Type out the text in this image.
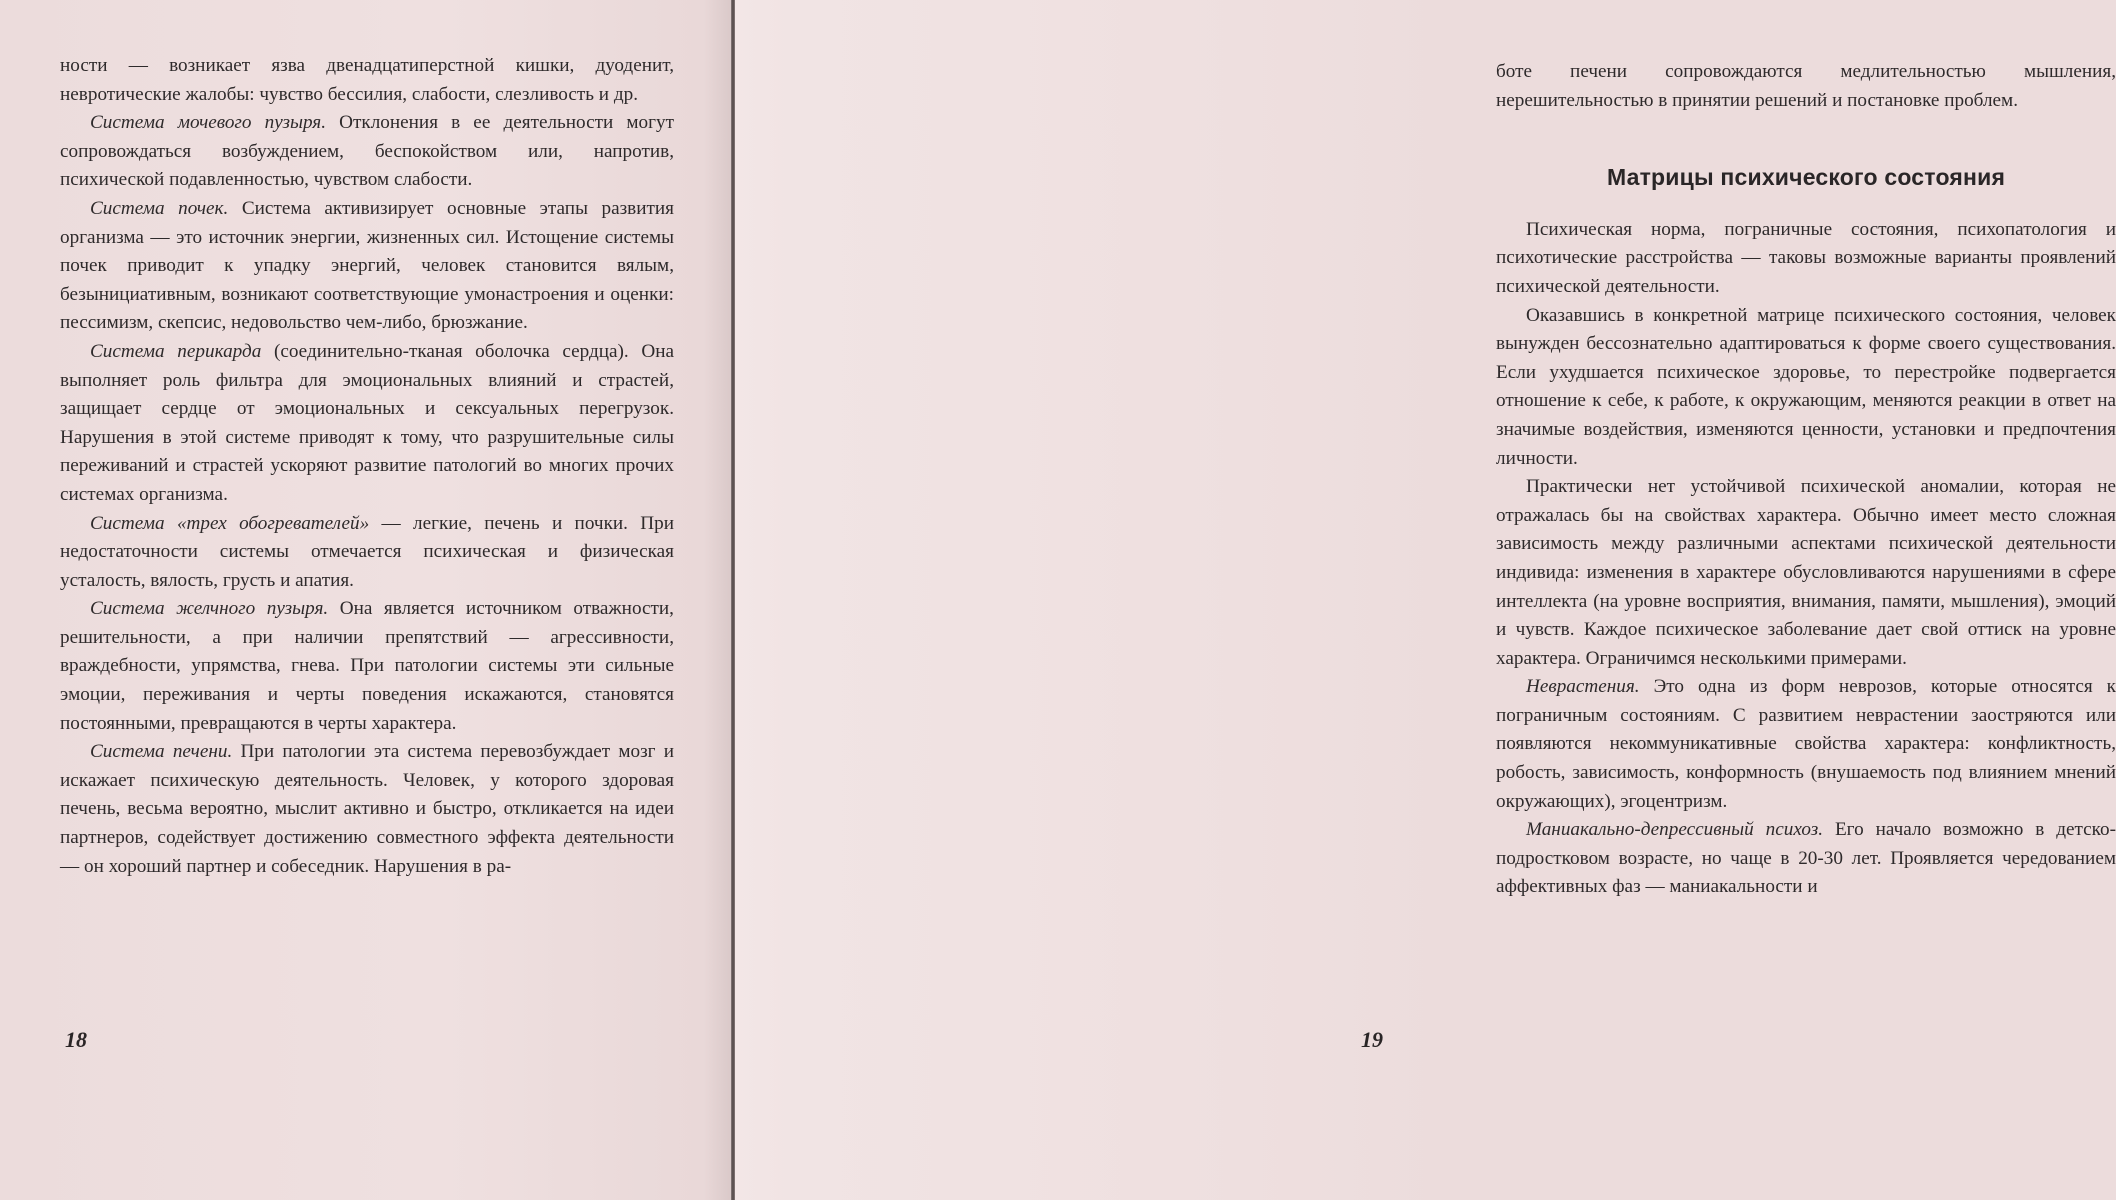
ности — возникает язва двенадцатиперстной кишки, дуоденит, невротические жалобы: чувство бессилия, слабости, слезливость и др.

Система мочевого пузыря. Отклонения в ее деятельности могут сопровождаться возбуждением, беспокойством или, напротив, психической подавленностью, чувством слабости.

Система почек. Система активизирует основные этапы развития организма — это источник энергии, жизненных сил. Истощение системы почек приводит к упадку энергий, человек становится вялым, безынициативным, возникают соответствующие умонастроения и оценки: пессимизм, скепсис, недовольство чем-либо, брюзжание.

Система перикарда (соединительно-тканая оболочка сердца). Она выполняет роль фильтра для эмоциональных влияний и страстей, защищает сердце от эмоциональных и сексуальных перегрузок. Нарушения в этой системе приводят к тому, что разрушительные силы переживаний и страстей ускоряют развитие патологий во многих прочих системах организма.

Система «трех обогревателей» — легкие, печень и почки. При недостаточности системы отмечается психическая и физическая усталость, вялость, грусть и апатия.

Система желчного пузыря. Она является источником отважности, решительности, а при наличии препятствий — агрессивности, враждебности, упрямства, гнева. При патологии системы эти сильные эмоции, переживания и черты поведения искажаются, становятся постоянными, превращаются в черты характера.

Система печени. При патологии эта система перевозбуждает мозг и искажает психическую деятельность. Человек, у которого здоровая печень, весьма вероятно, мыслит активно и быстро, откликается на идеи партнеров, содействует достижению совместного эффекта деятельности — он хороший партнер и собеседник. Нарушения в ра-

18

боте печени сопровождаются медлительностью мышления, нерешительностью в принятии решений и постановке проблем.

Матрицы психического состояния

Психическая норма, пограничные состояния, психопатология и психотические расстройства — таковы возможные варианты проявлений психической деятельности.

Оказавшись в конкретной матрице психического состояния, человек вынужден бессознательно адаптироваться к форме своего существования. Если ухудшается психическое здоровье, то перестройке подвергается отношение к себе, к работе, к окружающим, меняются реакции в ответ на значимые воздействия, изменяются ценности, установки и предпочтения личности.

Практически нет устойчивой психической аномалии, которая не отражалась бы на свойствах характера. Обычно имеет место сложная зависимость между различными аспектами психической деятельности индивида: изменения в характере обусловливаются нарушениями в сфере интеллекта (на уровне восприятия, внимания, памяти, мышления), эмоций и чувств. Каждое психическое заболевание дает свой оттиск на уровне характера. Ограничимся несколькими примерами.

Неврастения. Это одна из форм неврозов, которые относятся к пограничным состояниям. С развитием неврастении заостряются или появляются некоммуникативные свойства характера: конфликтность, робость, зависимость, конформность (внушаемость под влиянием мнений окружающих), эгоцентризм.

Маниакально-депрессивный психоз. Его начало возможно в детско-подростковом возрасте, но чаще в 20-30 лет. Проявляется чередованием аффективных фаз — маниакальности и

19
